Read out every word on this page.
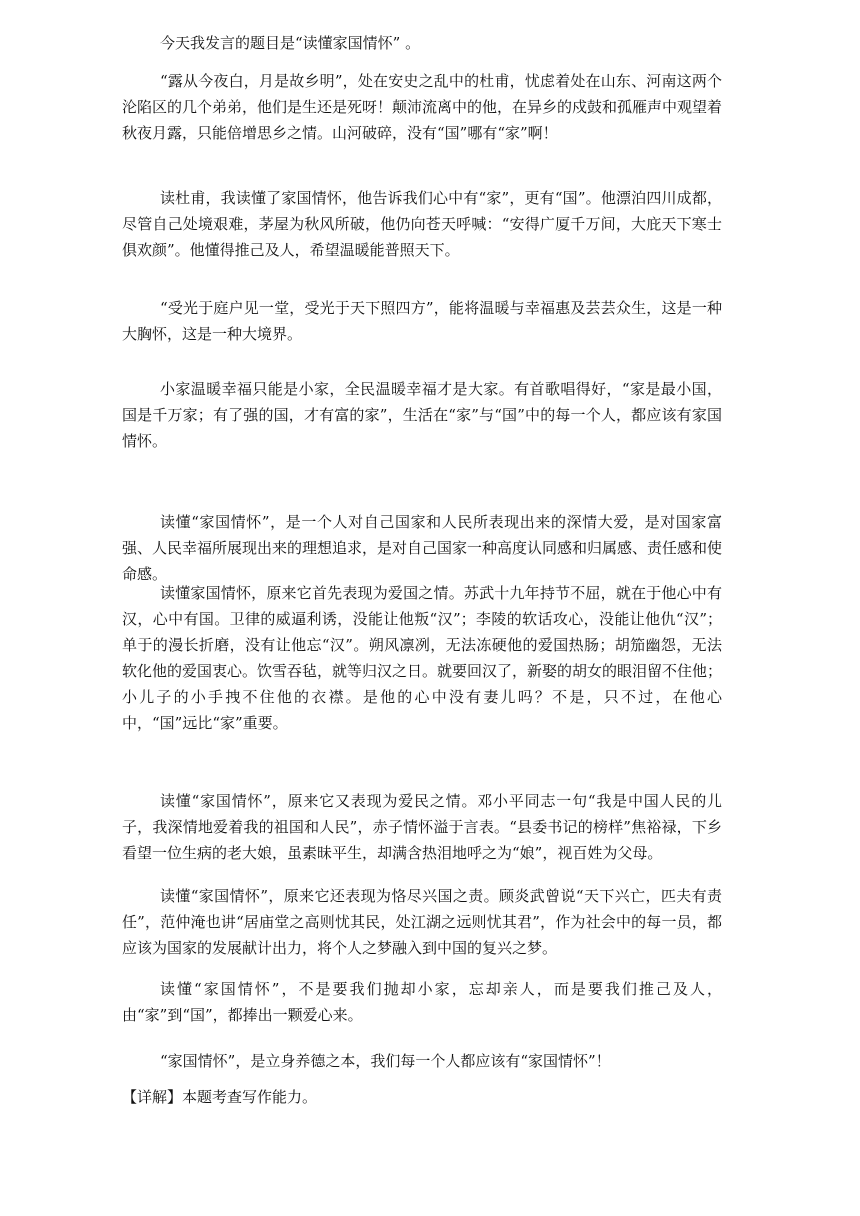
今天我发言的题目是“读懂家国情怀” 。

“露从今夜白，月是故乡明”，处在安史之乱中的杜甫，忧虑着处在山东、河南这两个沦陷区的几个弟弟，他们是生还是死呀！颠沛流离中的他，在异乡的戍鼓和孤雁声中观望着秋夜月露，只能倍增思乡之情。山河破碎，没有“国”哪有“家”啊！

读杜甫，我读懂了家国情怀，他告诉我们心中有“家”，更有“国”。他漂泊四川成都，尽管自己处境艰难，茅屋为秋风所破，他仍向苍天呼喊：“安得广厦千万间，大庇天下寒士俱欢颜”。他懂得推己及人，希望温暖能普照天下。

“受光于庭户见一堂，受光于天下照四方”，能将温暖与幸福惠及芸芸众生，这是一种大胸怀，这是一种大境界。

小家温暖幸福只能是小家，全民温暖幸福才是大家。有首歌唱得好，“家是最小国，国是千万家；有了强的国，才有富的家”，生活在“家”与“国”中的每一个人，都应该有家国情怀。

读懂“家国情怀”，是一个人对自己国家和人民所表现出来的深情大爱，是对国家富强、人民幸福所展现出来的理想追求，是对自己国家一种高度认同感和归属感、责任感和使命感。

读懂家国情怀，原来它首先表现为爱国之情。苏武十九年持节不屈，就在于他心中有汉，心中有国。卫律的威逼利诱，没能让他叛“汉”；李陵的软话攻心，没能让他仇“汉”；单于的漫长折磨，没有让他忘“汉”。朔风凛冽，无法冻硬他的爱国热肠；胡笳幽怨，无法软化他的爱国衷心。饮雪吞毡，就等归汉之日。就要回汉了，新娶的胡女的眼泪留不住他；小儿子的小手拽不住他的衣襟。是他的心中没有妻儿吗？不是，只不过，在他心中，“国”远比“家”重要。

读懂“家国情怀”，原来它又表现为爱民之情。邓小平同志一句“我是中国人民的儿子，我深情地爱着我的祖国和人民”，赤子情怀溢于言表。“县委书记的榜样”焦裕禄，下乡看望一位生病的老大娘，虽素昧平生，却满含热泪地呼之为“娘”，视百姓为父母。

读懂“家国情怀”，原来它还表现为恪尽兴国之责。顾炎武曾说“天下兴亡，匹夫有责任”，范仲淹也讲“居庙堂之高则忧其民，处江湖之远则忧其君”，作为社会中的每一员，都应该为国家的发展献计出力，将个人之梦融入到中国的复兴之梦。

读懂“家国情怀”，不是要我们抛却小家，忘却亲人，而是要我们推己及人，由“家”到“国”，都捧出一颗爱心来。

“家国情怀”，是立身养德之本，我们每一个人都应该有“家国情怀”！

【详解】本题考查写作能力。
